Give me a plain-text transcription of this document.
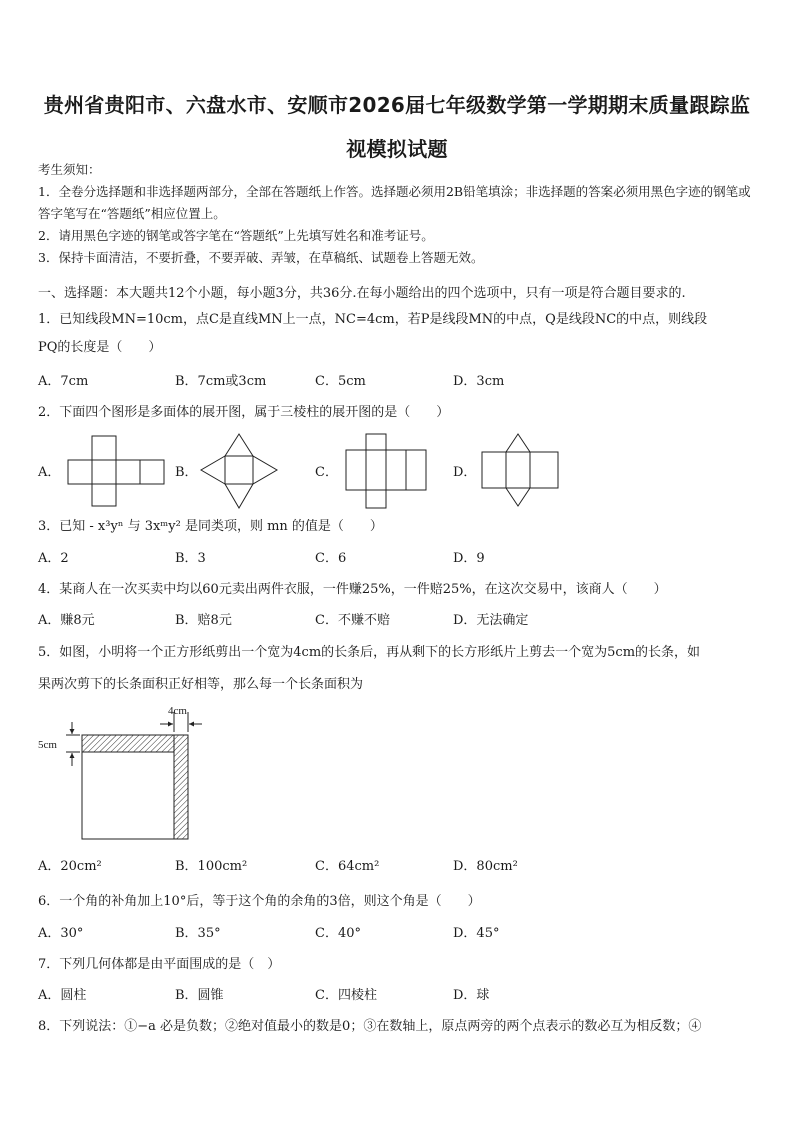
贵州省贵阳市、六盘水市、安顺市2026届七年级数学第一学期期末质量跟踪监视模拟试题

考生须知：

1．全卷分选择题和非选择题两部分，全部在答题纸上作答。选择题必须用2B铅笔填涂；非选择题的答案必须用黑色字迹的钢笔或答字笔写在“答题纸”相应位置上。

2．请用黑色字迹的钢笔或答字笔在“答题纸”上先填写姓名和准考证号。

3．保持卡面清洁，不要折叠，不要弄破、弄皱，在草稿纸、试题卷上答题无效。

一、选择题：本大题共12个小题，每小题3分，共36分.在每小题给出的四个选项中，只有一项是符合题目要求的.

1．已知线段MN=10cm，点C是直线MN上一点，NC=4cm，若P是线段MN的中点，Q是线段NC的中点，则线段

PQ的长度是（　　）

A．7cm	B．7cm或3cm	C．5cm	D．3cm
2．下面四个图形是多面体的展开图，属于三棱柱的展开图的是（　　）
A．	B．	C．	D．
3．已知 - x³yⁿ 与 3xᵐy² 是同类项，则 mn 的值是（　　）
A．2	B．3	C．6	D．9
4．某商人在一次买卖中均以60元卖出两件衣服，一件赚25%，一件赔25%，在这次交易中，该商人（　　）
A．赚8元	B．赔8元	C．不赚不赔	D．无法确定

5．如图，小明将一个正方形纸剪出一个宽为4cm的长条后，再从剩下的长方形纸片上剪去一个宽为5cm的长条，如

果两次剪下的长条面积正好相等，那么每一个长条面积为

4cm
5cm
A．20cm²	B．100cm²	C．64cm²	D．80cm²
6．一个角的补角加上10°后，等于这个角的余角的3倍，则这个角是（　　）
A．30°	B．35°	C．40°	D．45°
7．下列几何体都是由平面围成的是（　）
A．圆柱	B．圆锥	C．四棱柱	D．球
8．下列说法：①−a 必是负数；②绝对值最小的数是0；③在数轴上，原点两旁的两个点表示的数必互为相反数；④
